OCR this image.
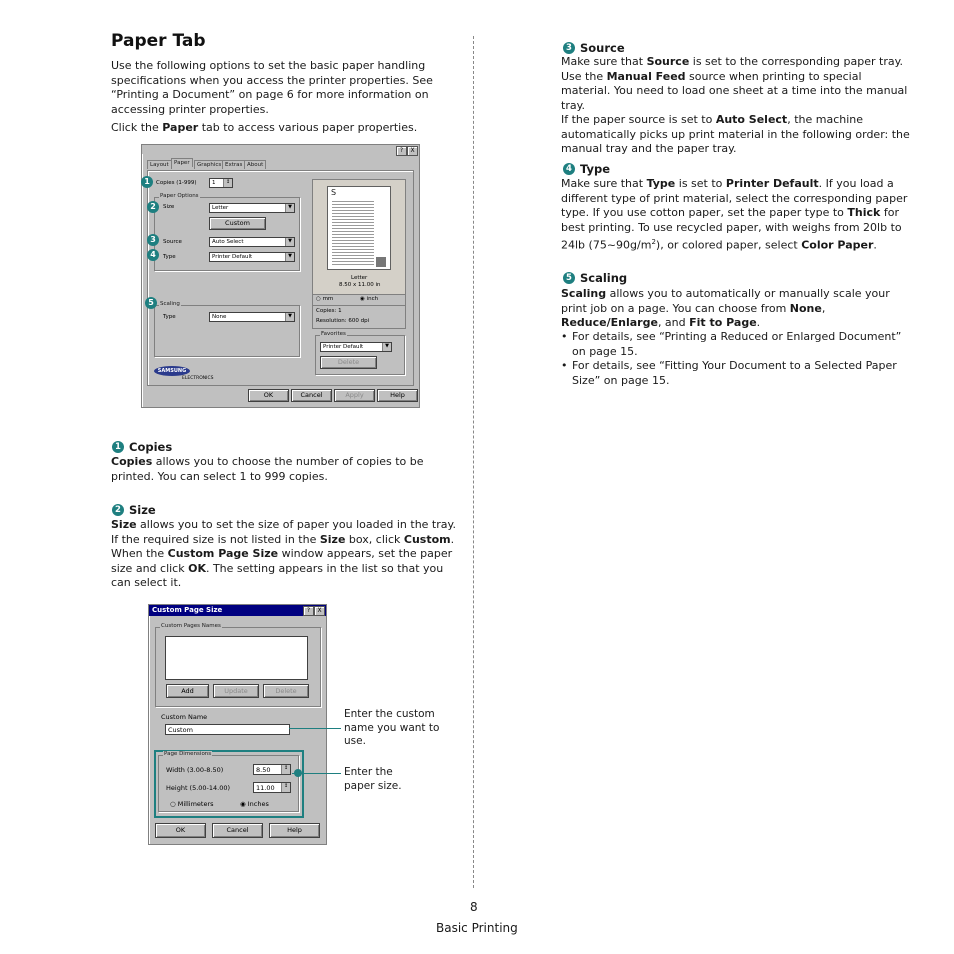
Paper Tab

Use the following options to set the basic paper handling specifications when you access the printer properties. See “Printing a Document” on page 6 for more information on accessing printer properties.

Click the Paper tab to access various paper properties.

?	X
Layout Paper	Graphics Extras About
Copies (1-999)	1	↕
Paper Options
Size	Letter	▼
Custom
Source	Auto Select	▼
Type	Printer Default	▼
Scaling
Type	None	▼
S
Letter
8.50 x 11.00 in
○ mm	◉ inch
Copies: 1
Resolution: 600 dpi
Favorites
Printer Default	▼
Delete
SAMSUNG
ELECTRONICS
OK	Cancel	Apply	Help
1
2
3
4
5
1 Copies

Copies allows you to choose the number of copies to be printed. You can select 1 to 999 copies.

2 Size

Size allows you to set the size of paper you loaded in the tray. If the required size is not listed in the Size box, click Custom. When the Custom Page Size window appears, set the paper size and click OK. The setting appears in the list so that you can select it.

Custom Page Size	?	X
Custom Pages Names
Add	Update	Delete
Custom Name
Custom
Page Dimensions
Width (3.00-8.50)	8.50	↕
Height (5.00-14.00)	11.00	↕
○ Millimeters	◉ Inches
OK	Cancel	Help

Enter the custom name you want to use.

Enter the paper size.

3 Source

Make sure that Source is set to the corresponding paper tray. Use the Manual Feed source when printing to special material. You need to load one sheet at a time into the manual tray.
If the paper source is set to Auto Select, the machine automatically picks up print material in the following order: the manual tray and the paper tray.

4 Type

Make sure that Type is set to Printer Default. If you load a different type of print material, select the corresponding paper type. If you use cotton paper, set the paper type to Thick for best printing. To use recycled paper, with weighs from 20lb to 24lb $(75\sim 90g/m^2)$, or colored paper, select Color Paper.

5 Scaling

Scaling allows you to automatically or manually scale your print job on a page. You can choose from None, Reduce/Enlarge, and Fit to Page.

• For details, see “Printing a Reduced or Enlarged Document” on page 15.
• For details, see “Fitting Your Document to a Selected Paper Size” on page 15.
8
Basic Printing
